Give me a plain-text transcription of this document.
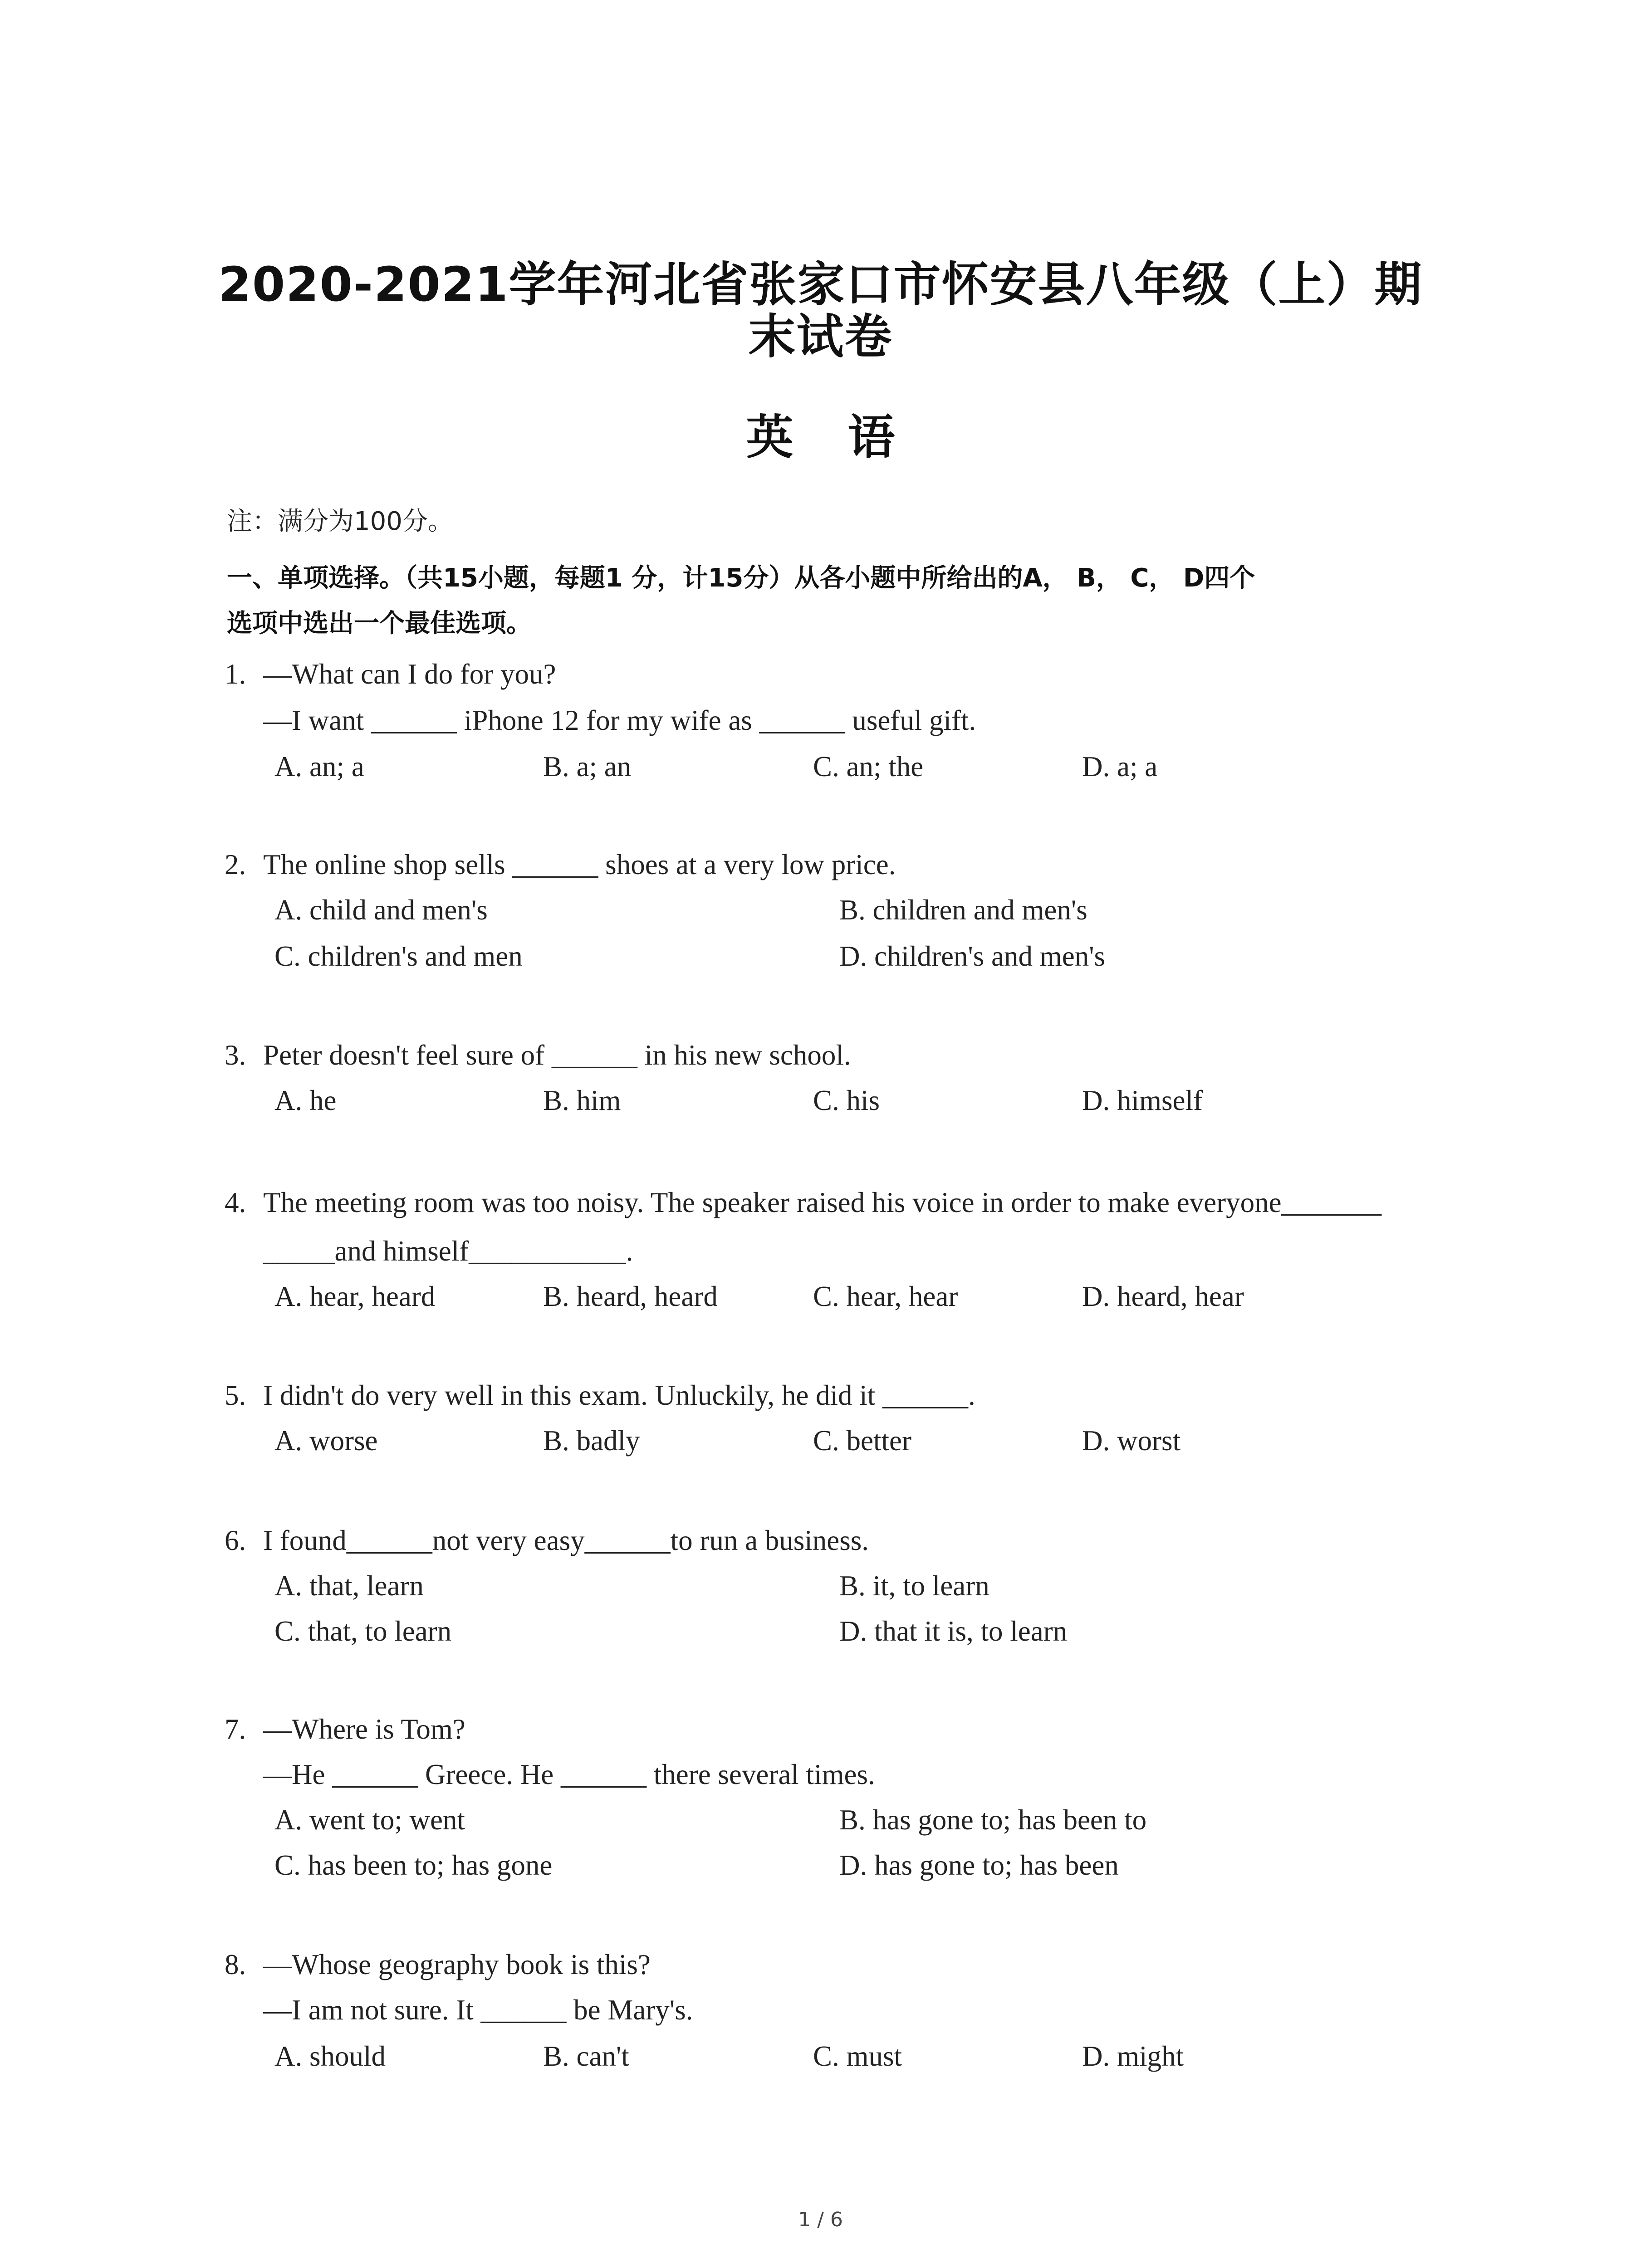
2020-2021学年河北省张家口市怀安县八年级（上）期
末试卷
英语
注：满分为100分。
一、单项选择。（共15小题，每题1 分，计15分）从各小题中所给出的A， B， C， D四个
选项中选出一个最佳选项。
1. —What can I do for you?
—I want ______ iPhone 12 for my wife as ______ useful gift.
A. an; a	B. a; an	C. an; the	D. a; a
2. The online shop sells ______ shoes at a very low price.
A. child and men's	B. children and men's
C. children's and men	D. children's and men's
3. Peter doesn't feel sure of ______ in his new school.
A. he	B. him	C. his	D. himself
4. The meeting room was too noisy. The speaker raised his voice in order to make everyone_______
_____and himself___________.
A. hear, heard	B. heard, heard	C. hear, hear	D. heard, hear
5. I didn't do very well in this exam. Unluckily, he did it ______.
A. worse	B. badly	C. better	D. worst
6. I found______not very easy______to run a business.
A. that, learn	B. it, to learn
C. that, to learn	D. that it is, to learn
7. —Where is Tom?
—He ______ Greece. He ______ there several times.
A. went to; went	B. has gone to; has been to
C. has been to; has gone	D. has gone to; has been
8. —Whose geography book is this?
—I am not sure. It ______ be Mary's.
A. should	B. can't	C. must	D. might
1 / 6
